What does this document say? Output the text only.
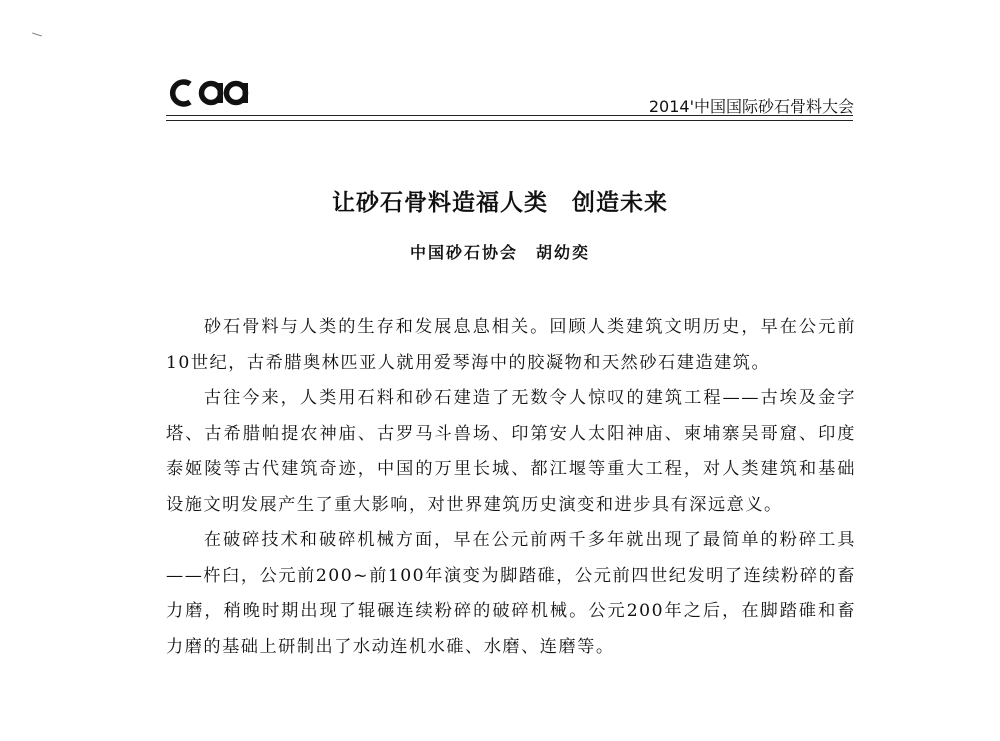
2014'中国国际砂石骨料大会
让砂石骨料造福人类　创造未来
中国砂石协会　胡幼奕

砂石骨料与人类的生存和发展息息相关。回顾人类建筑文明历史，早在公元前10世纪，古希腊奥林匹亚人就用爱琴海中的胶凝物和天然砂石建造建筑。

古往今来，人类用石料和砂石建造了无数令人惊叹的建筑工程——古埃及金字塔、古希腊帕提农神庙、古罗马斗兽场、印第安人太阳神庙、柬埔寨吴哥窟、印度泰姬陵等古代建筑奇迹，中国的万里长城、都江堰等重大工程，对人类建筑和基础设施文明发展产生了重大影响，对世界建筑历史演变和进步具有深远意义。

在破碎技术和破碎机械方面，早在公元前两千多年就出现了最简单的粉碎工具——杵臼，公元前200~前100年演变为脚踏碓，公元前四世纪发明了连续粉碎的畜力磨，稍晚时期出现了辊碾连续粉碎的破碎机械。公元200年之后，在脚踏碓和畜力磨的基础上研制出了水动连机水碓、水磨、连磨等。
